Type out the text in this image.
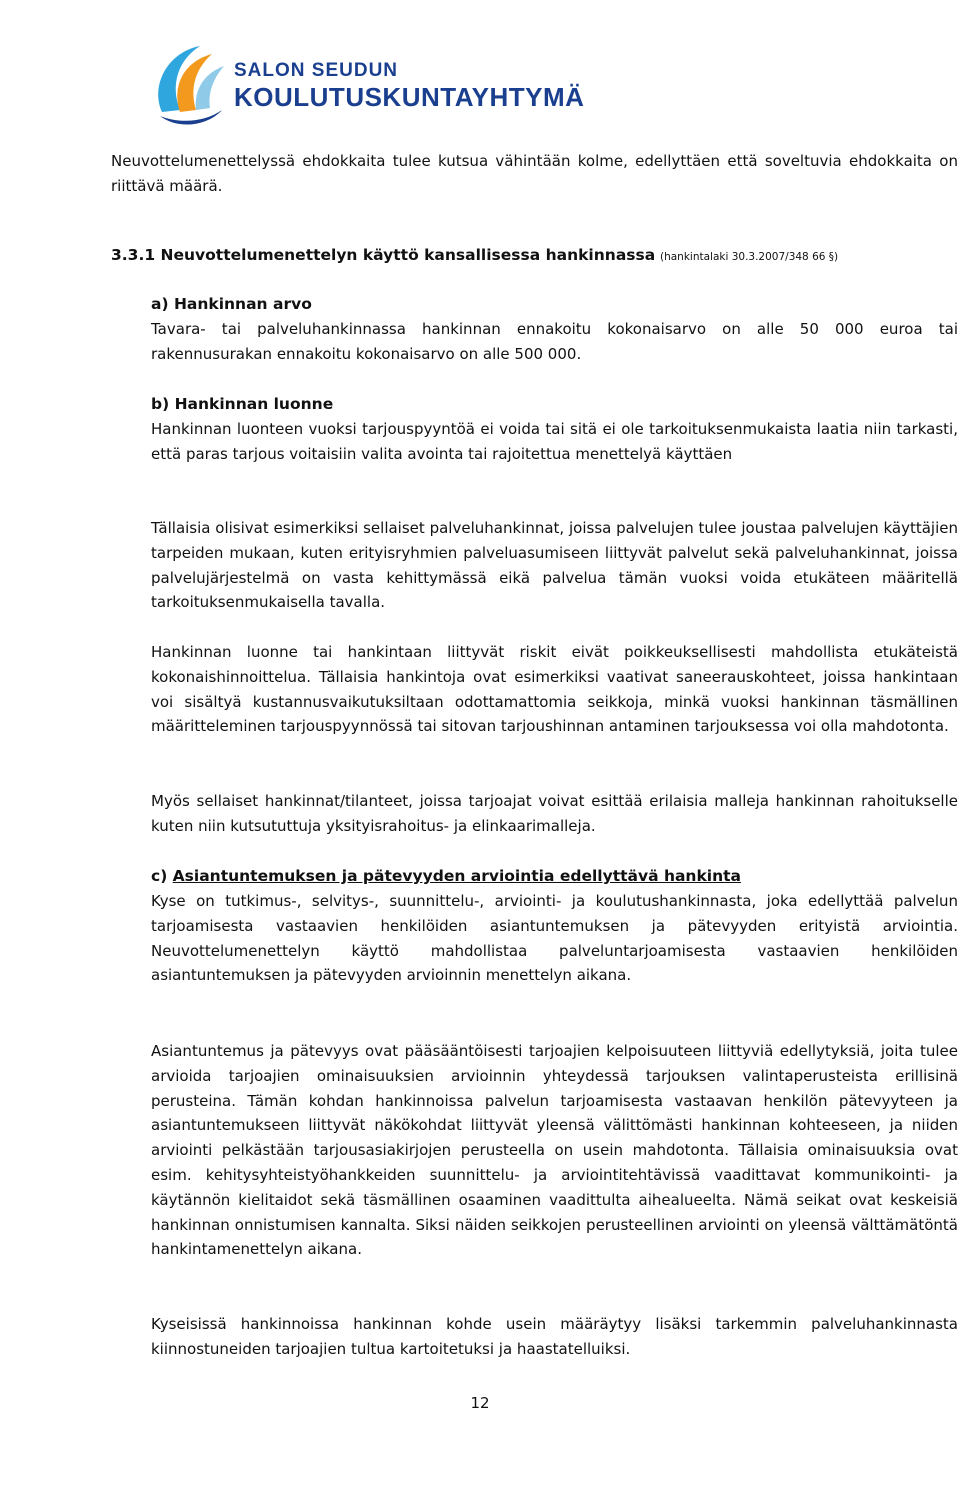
SALON SEUDUN
KOULUTUSKUNTAYHTYMÄ
Neuvottelumenettelyssä ehdokkaita tulee kutsua vähintään kolme, edellyttäen että soveltuvia ehdokkaita on riittävä määrä.
3.3.1 Neuvottelumenettelyn käyttö kansallisessa hankinnassa (hankintalaki 30.3.2007/348 66 §)
a) Hankinnan arvo
Tavara- tai palveluhankinnassa hankinnan ennakoitu kokonaisarvo on alle 50 000 euroa tai rakennusurakan ennakoitu kokonaisarvo on alle 500 000.
b) Hankinnan luonne
Hankinnan luonteen vuoksi tarjouspyyntöä ei voida tai sitä ei ole tarkoituksenmukaista laatia niin tarkasti, että paras tarjous voitaisiin valita avointa tai rajoitettua menettelyä käyttäen
Tällaisia olisivat esimerkiksi sellaiset palveluhankinnat, joissa palvelujen tulee joustaa palvelujen käyttäjien tarpeiden mukaan, kuten erityisryhmien palveluasumiseen liittyvät palvelut sekä palveluhankinnat, joissa palvelujärjestelmä on vasta kehittymässä eikä palvelua tämän vuoksi voida etukäteen määritellä tarkoituksenmukaisella tavalla.
Hankinnan luonne tai hankintaan liittyvät riskit eivät poikkeuksellisesti mahdollista etukäteistä kokonaishinnoittelua. Tällaisia hankintoja ovat esimerkiksi vaativat saneerauskohteet, joissa hankintaan voi sisältyä kustannusvaikutuksiltaan odottamattomia seikkoja, minkä vuoksi hankinnan täsmällinen määritteleminen tarjouspyynnössä tai sitovan tarjoushinnan antaminen tarjouksessa voi olla mahdotonta.
Myös sellaiset hankinnat/tilanteet, joissa tarjoajat voivat esittää erilaisia malleja hankinnan rahoitukselle kuten niin kutsututtuja yksityisrahoitus- ja elinkaarimalleja.
c) Asiantuntemuksen ja pätevyyden arviointia edellyttävä hankinta
Kyse on tutkimus-, selvitys-, suunnittelu-, arviointi- ja koulutushankinnasta, joka edellyttää palvelun tarjoamisesta vastaavien henkilöiden asiantuntemuksen ja pätevyyden erityistä arviointia. Neuvottelumenettelyn käyttö mahdollistaa palveluntarjoamisesta vastaavien henkilöiden asiantuntemuksen ja pätevyyden arvioinnin menettelyn aikana.
Asiantuntemus ja pätevyys ovat pääsääntöisesti tarjoajien kelpoisuuteen liittyviä edellytyksiä, joita tulee arvioida tarjoajien ominaisuuksien arvioinnin yhteydessä tarjouksen valintaperusteista erillisinä perusteina. Tämän kohdan hankinnoissa palvelun tarjoamisesta vastaavan henkilön pätevyyteen ja asiantuntemukseen liittyvät näkökohdat liittyvät yleensä välittömästi hankinnan kohteeseen, ja niiden arviointi pelkästään tarjousasiakirjojen perusteella on usein mahdotonta. Tällaisia ominaisuuksia ovat esim. kehitysyhteistyöhankkeiden suunnittelu- ja arviointitehtävissä vaadittavat kommunikointi- ja käytännön kielitaidot sekä täsmällinen osaaminen vaadittulta aihealueelta. Nämä seikat ovat keskeisiä hankinnan onnistumisen kannalta. Siksi näiden seikkojen perusteellinen arviointi on yleensä välttämätöntä hankintamenettelyn aikana.
Kyseisissä hankinnoissa hankinnan kohde usein määräytyy lisäksi tarkemmin palveluhankinnasta kiinnostuneiden tarjoajien tultua kartoitetuksi ja haastatelluiksi.
12
